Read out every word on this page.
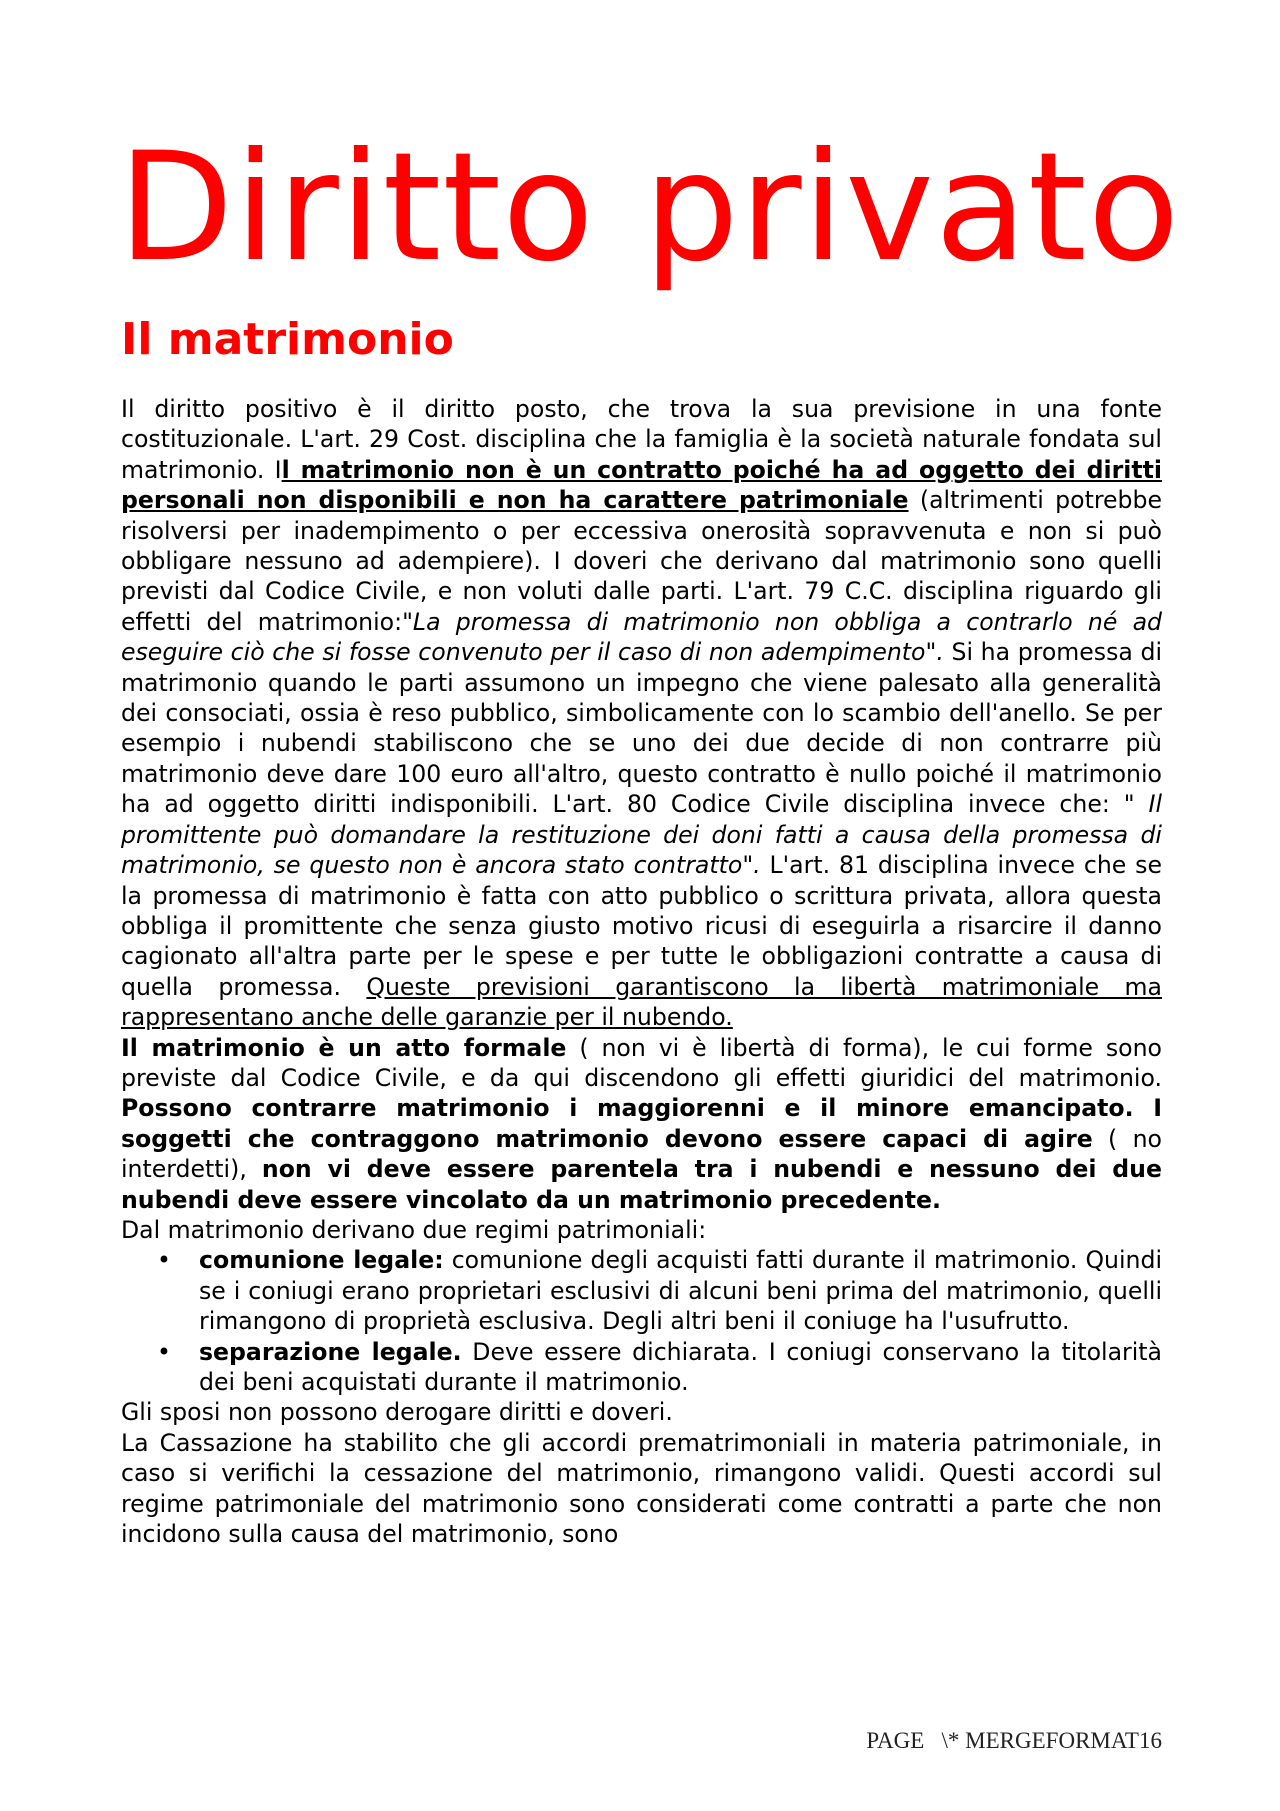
Diritto privato
Il matrimonio

Il diritto positivo è il diritto posto, che trova la sua previsione in una fonte costituzionale. L'art. 29 Cost. disciplina che la famiglia è la società naturale fondata sul matrimonio. Il matrimonio non è un contratto poiché ha ad oggetto dei diritti personali non disponibili e non ha carattere patrimoniale (altrimenti potrebbe risolversi per inadempimento o per eccessiva onerosità sopravvenuta e non si può obbligare nessuno ad adempiere). I doveri che derivano dal matrimonio sono quelli previsti dal Codice Civile, e non voluti dalle parti. L'art. 79 C.C. disciplina riguardo gli effetti del matrimonio:"La promessa di matrimonio non obbliga a contrarlo né ad eseguire ciò che si fosse convenuto per il caso di non adempimento". Si ha promessa di matrimonio quando le parti assumono un impegno che viene palesato alla generalità dei consociati, ossia è reso pubblico, simbolicamente con lo scambio dell'anello. Se per esempio i nubendi stabiliscono che se uno dei due decide di non contrarre più matrimonio deve dare 100 euro all'altro, questo contratto è nullo poiché il matrimonio ha ad oggetto diritti indisponibili. L'art. 80 Codice Civile disciplina invece che: " Il promittente può domandare la restituzione dei doni fatti a causa della promessa di matrimonio, se questo non è ancora stato contratto". L'art. 81 disciplina invece che se la promessa di matrimonio è fatta con atto pubblico o scrittura privata, allora questa obbliga il promittente che senza giusto motivo ricusi di eseguirla a risarcire il danno cagionato all'altra parte per le spese e per tutte le obbligazioni contratte a causa di quella promessa. Queste previsioni garantiscono la libertà matrimoniale ma rappresentano anche delle garanzie per il nubendo.

Il matrimonio è un atto formale ( non vi è libertà di forma), le cui forme sono previste dal Codice Civile, e da qui discendono gli effetti giuridici del matrimonio. Possono contrarre matrimonio i maggiorenni e il minore emancipato. I soggetti che contraggono matrimonio devono essere capaci di agire ( no interdetti), non vi deve essere parentela tra i nubendi e nessuno dei due nubendi deve essere vincolato da un matrimonio precedente.

Dal matrimonio derivano due regimi patrimoniali:

• comunione legale: comunione degli acquisti fatti durante il matrimonio. Quindi se i coniugi erano proprietari esclusivi di alcuni beni prima del matrimonio, quelli rimangono di proprietà esclusiva. Degli altri beni il coniuge ha l'usufrutto.
• separazione legale. Deve essere dichiarata. I coniugi conservano la titolarità dei beni acquistati durante il matrimonio.

Gli sposi non possono derogare diritti e doveri.

La Cassazione ha stabilito che gli accordi prematrimoniali in materia patrimoniale, in caso si verifichi la cessazione del matrimonio, rimangono validi. Questi accordi sul regime patrimoniale del matrimonio sono considerati come contratti a parte che non incidono sulla causa del matrimonio, sono

PAGE   \* MERGEFORMAT16
